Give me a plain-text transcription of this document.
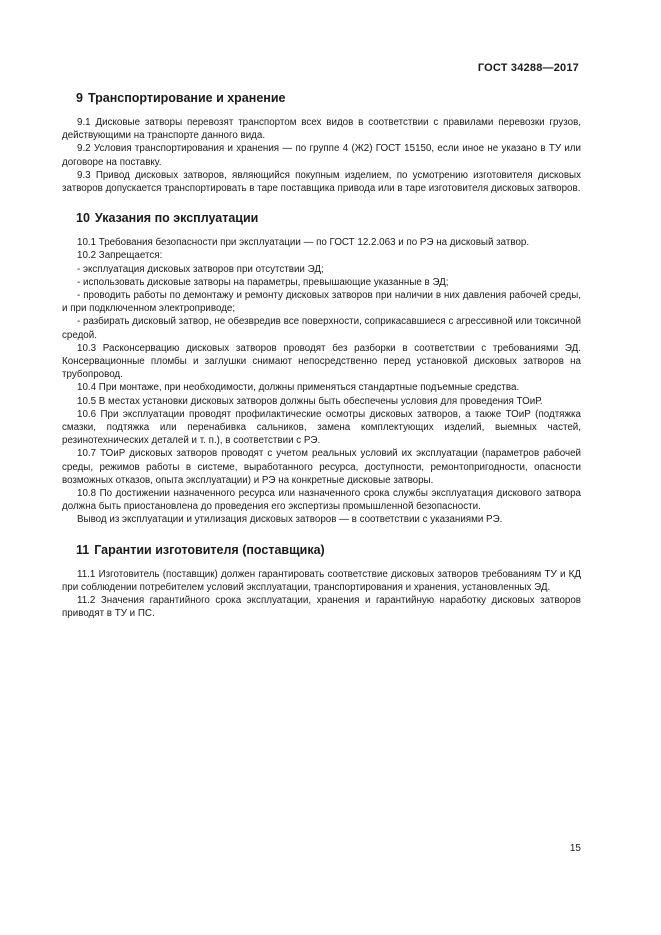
ГОСТ 34288—2017
9 Транспортирование и хранение

9.1 Дисковые затворы перевозят транспортом всех видов в соответствии с правилами перевозки грузов, действующими на транспорте данного вида.

9.2 Условия транспортирования и хранения — по группе 4 (Ж2) ГОСТ 15150, если иное не указано в ТУ или договоре на поставку.

9.3 Привод дисковых затворов, являющийся покупным изделием, по усмотрению изготовителя дисковых затворов допускается транспортировать в таре поставщика привода или в таре изготовителя дисковых затворов.

10 Указания по эксплуатации

10.1 Требования безопасности при эксплуатации — по ГОСТ 12.2.063 и по РЭ на дисковый затвор.

10.2 Запрещается:

- эксплуатация дисковых затворов при отсутствии ЭД;

- использовать дисковые затворы на параметры, превышающие указанные в ЭД;

- проводить работы по демонтажу и ремонту дисковых затворов при наличии в них давления рабочей среды, и при подключенном электроприводе;

- разбирать дисковый затвор, не обезвредив все поверхности, соприкасавшиеся с агрессивной или токсичной средой.

10.3 Расконсервацию дисковых затворов проводят без разборки в соответствии с требованиями ЭД. Консервационные пломбы и заглушки снимают непосредственно перед установкой дисковых затворов на трубопровод.

10.4 При монтаже, при необходимости, должны применяться стандартные подъемные средства.

10.5 В местах установки дисковых затворов должны быть обеспечены условия для проведения ТОиР.

10.6 При эксплуатации проводят профилактические осмотры дисковых затворов, а также ТОиР (подтяжка смазки, подтяжка или перенабивка сальников, замена комплектующих изделий, выемных частей, резинотехнических деталей и т. п.), в соответствии с РЭ.

10.7 ТОиР дисковых затворов проводят с учетом реальных условий их эксплуатации (параметров рабочей среды, режимов работы в системе, выработанного ресурса, доступности, ремонтопригодности, опасности возможных отказов, опыта эксплуатации) и РЭ на конкретные дисковые затворы.

10.8 По достижении назначенного ресурса или назначенного срока службы эксплуатация дискового затвора должна быть приостановлена до проведения его экспертизы промышленной безопасности.

Вывод из эксплуатации и утилизация дисковых затворов — в соответствии с указаниями РЭ.

11 Гарантии изготовителя (поставщика)

11.1 Изготовитель (поставщик) должен гарантировать соответствие дисковых затворов требованиям ТУ и КД при соблюдении потребителем условий эксплуатации, транспортирования и хранения, установленных ЭД.

11.2 Значения гарантийного срока эксплуатации, хранения и гарантийную наработку дисковых затворов приводят в ТУ и ПС.

15
